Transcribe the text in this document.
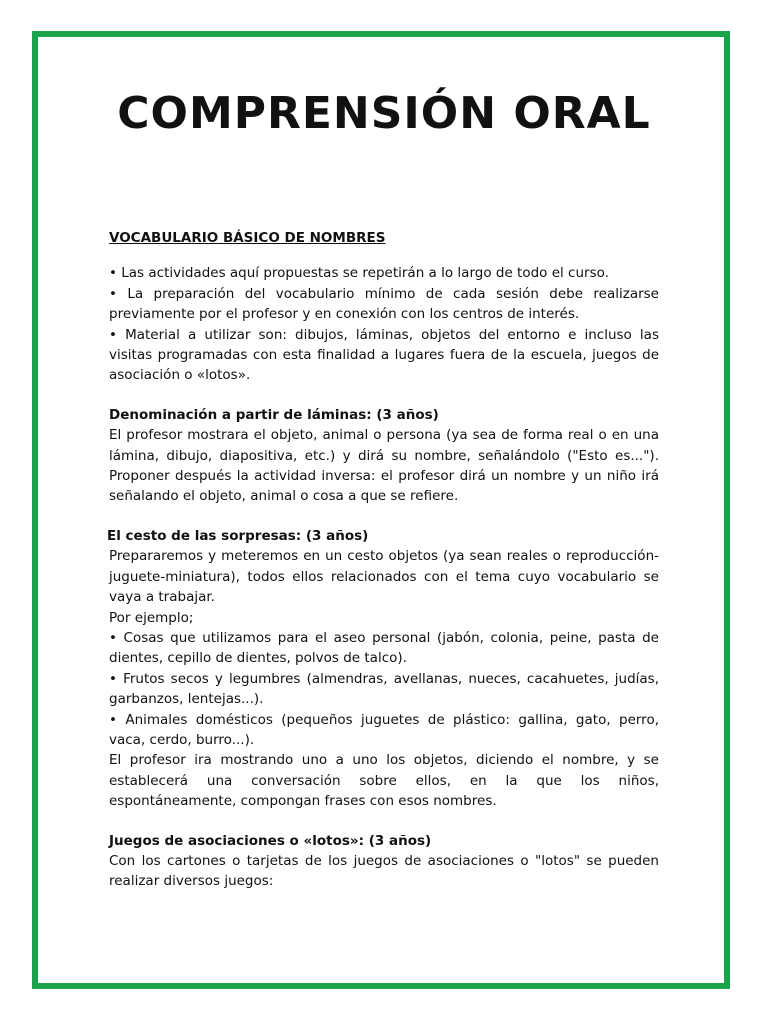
COMPRENSIÓN ORAL
VOCABULARIO BÁSICO DE NOMBRES

• Las actividades aquí propuestas se repetirán a lo largo de todo el curso.

• La preparación del vocabulario mínimo de cada sesión debe realizarse previamente por el profesor y en conexión con los centros de interés.

• Material a utilizar son: dibujos, láminas, objetos del entorno e incluso las visitas programadas con esta finalidad a lugares fuera de la escuela, juegos de asociación o «lotos».

Denominación a partir de láminas: (3 años)

El profesor mostrara el objeto, animal o persona (ya sea de forma real o en una lámina, dibujo, diapositiva, etc.) y dirá su nombre, señalándolo ("Esto es..."). Proponer después la actividad inversa: el profesor dirá un nombre y un niño irá señalando el objeto, animal o cosa a que se refiere.

El cesto de las sorpresas: (3 años)

Prepararemos y meteremos en un cesto objetos (ya sean reales o reproducción-juguete-miniatura), todos ellos relacionados con el tema cuyo vocabulario se vaya a trabajar.

Por ejemplo;

• Cosas que utilizamos para el aseo personal (jabón, colonia, peine, pasta de dientes, cepillo de dientes, polvos de talco).

• Frutos secos y legumbres (almendras, avellanas, nueces, cacahuetes, judías, garbanzos, lentejas...).

• Animales domésticos (pequeños juguetes de plástico: gallina, gato, perro, vaca, cerdo, burro...).

El profesor ira mostrando uno a uno los objetos, diciendo el nombre, y se establecerá una conversación sobre ellos, en la que los niños, espontáneamente, compongan frases con esos nombres.

Juegos de asociaciones o «lotos»: (3 años)

Con los cartones o tarjetas de los juegos de asociaciones o "lotos" se pueden realizar diversos juegos:
